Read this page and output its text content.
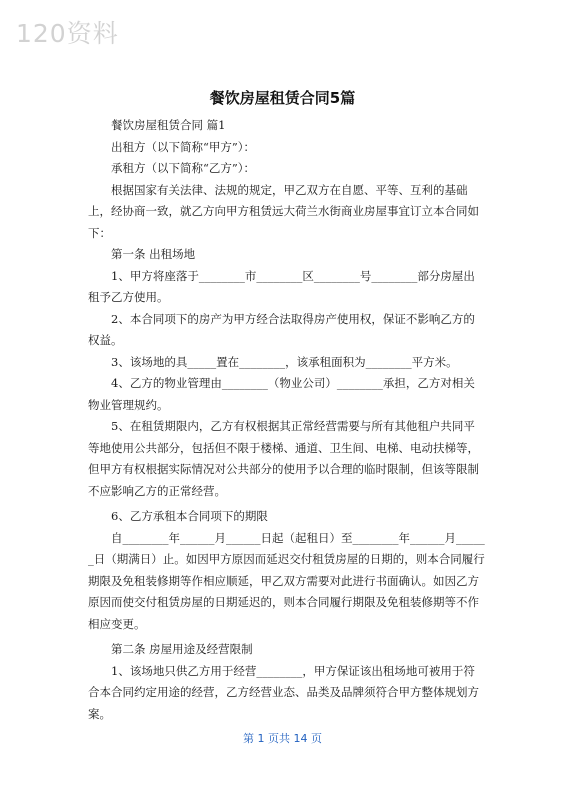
120资料
餐饮房屋租赁合同5篇

餐饮房屋租赁合同 篇1

出租方（以下简称“甲方”）：

承租方（以下简称“乙方”）：

根据国家有关法律、法规的规定，甲乙双方在自愿、平等、互利的基础上，经协商一致，就乙方向甲方租赁远大荷兰水街商业房屋事宜订立本合同如下：

第一条 出租场地

1、甲方将座落于________市________区________号________部分房屋出租予乙方使用。

2、本合同项下的房产为甲方经合法取得房产使用权，保证不影响乙方的权益。

3、该场地的具_____置在________，该承租面积为________平方米。

4、乙方的物业管理由________（物业公司）________承担，乙方对相关物业管理规约。

5、在租赁期限内，乙方有权根据其正常经营需要与所有其他租户共同平等地使用公共部分，包括但不限于楼梯、通道、卫生间、电梯、电动扶梯等，但甲方有权根据实际情况对公共部分的使用予以合理的临时限制，但该等限制不应影响乙方的正常经营。

6、乙方承租本合同项下的期限

自________年______月______日起（起租日）至________年______月______日（期满日）止。如因甲方原因而延迟交付租赁房屋的日期的，则本合同履行期限及免租装修期等作相应顺延，甲乙双方需要对此进行书面确认。如因乙方原因而使交付租赁房屋的日期延迟的，则本合同履行期限及免租装修期等不作相应变更。

第二条 房屋用途及经营限制

1、该场地只供乙方用于经营________，甲方保证该出租场地可被用于符合本合同约定用途的经营，乙方经营业态、品类及品牌须符合甲方整体规划方案。

第 1 页共 14 页
